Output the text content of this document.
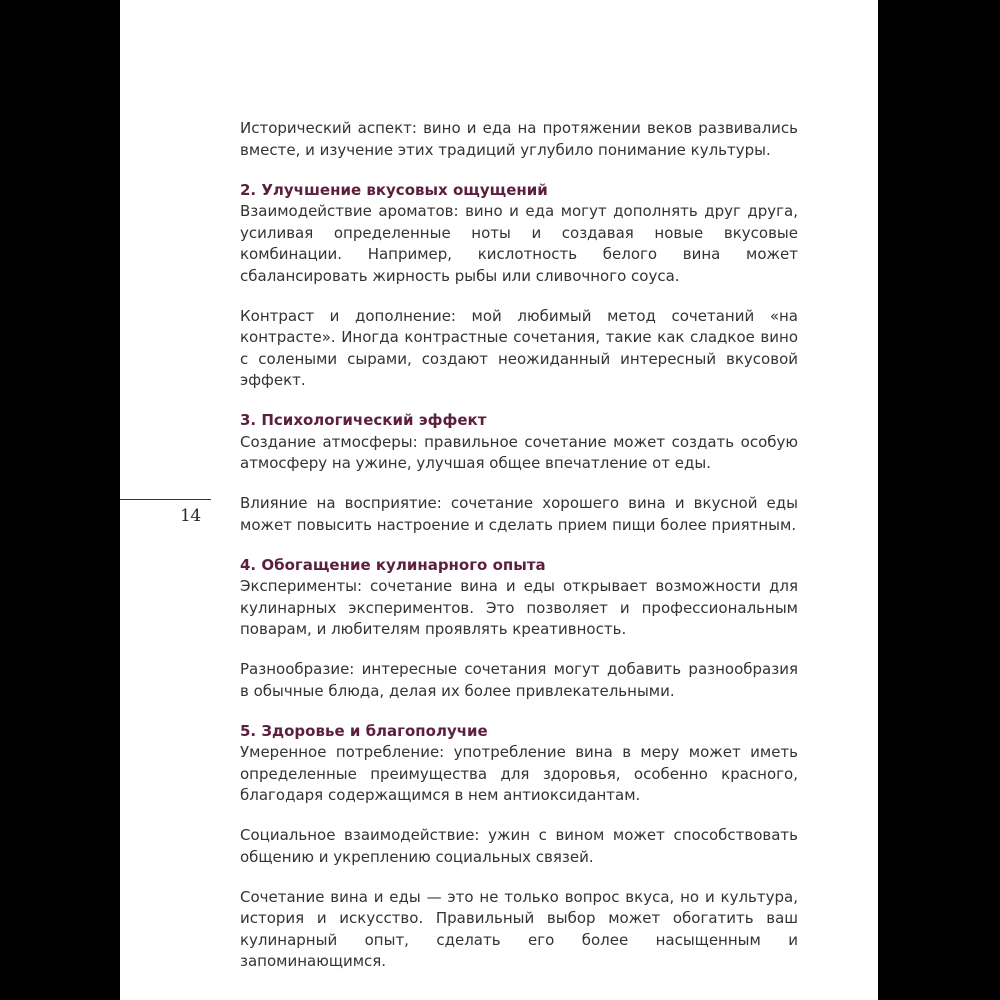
14

Исторический аспект: вино и еда на протяжении веков развивались вместе, и изучение этих традиций углубило понимание культуры.

2. Улучшение вкусовых ощущений

Взаимодействие ароматов: вино и еда могут дополнять друг друга, усиливая определенные ноты и создавая новые вкусовые комбинации. Например, кислотность белого вина может сбалансировать жирность рыбы или сливочного соуса.

Контраст и дополнение: мой любимый метод сочетаний «на контрасте». Иногда контрастные сочетания, такие как сладкое вино с солеными сырами, создают неожиданный интересный вкусовой эффект.

3. Психологический эффект

Создание атмосферы: правильное сочетание может создать особую атмосферу на ужине, улучшая общее впечатление от еды.

Влияние на восприятие: сочетание хорошего вина и вкусной еды может повысить настроение и сделать прием пищи более приятным.

4. Обогащение кулинарного опыта

Эксперименты: сочетание вина и еды открывает возможности для кулинарных экспериментов. Это позволяет и профессиональным поварам, и любителям проявлять креативность.

Разнообразие: интересные сочетания могут добавить разнообразия в обычные блюда, делая их более привлекательными.

5. Здоровье и благополучие

Умеренное потребление: употребление вина в меру может иметь определенные преимущества для здоровья, особенно красного, благодаря содержащимся в нем антиоксидантам.

Социальное взаимодействие: ужин с вином может способствовать общению и укреплению социальных связей.

Сочетание вина и еды — это не только вопрос вкуса, но и культура, история и искусство. Правильный выбор может обогатить ваш кулинарный опыт, сделать его более насыщенным и запоминающимся.
